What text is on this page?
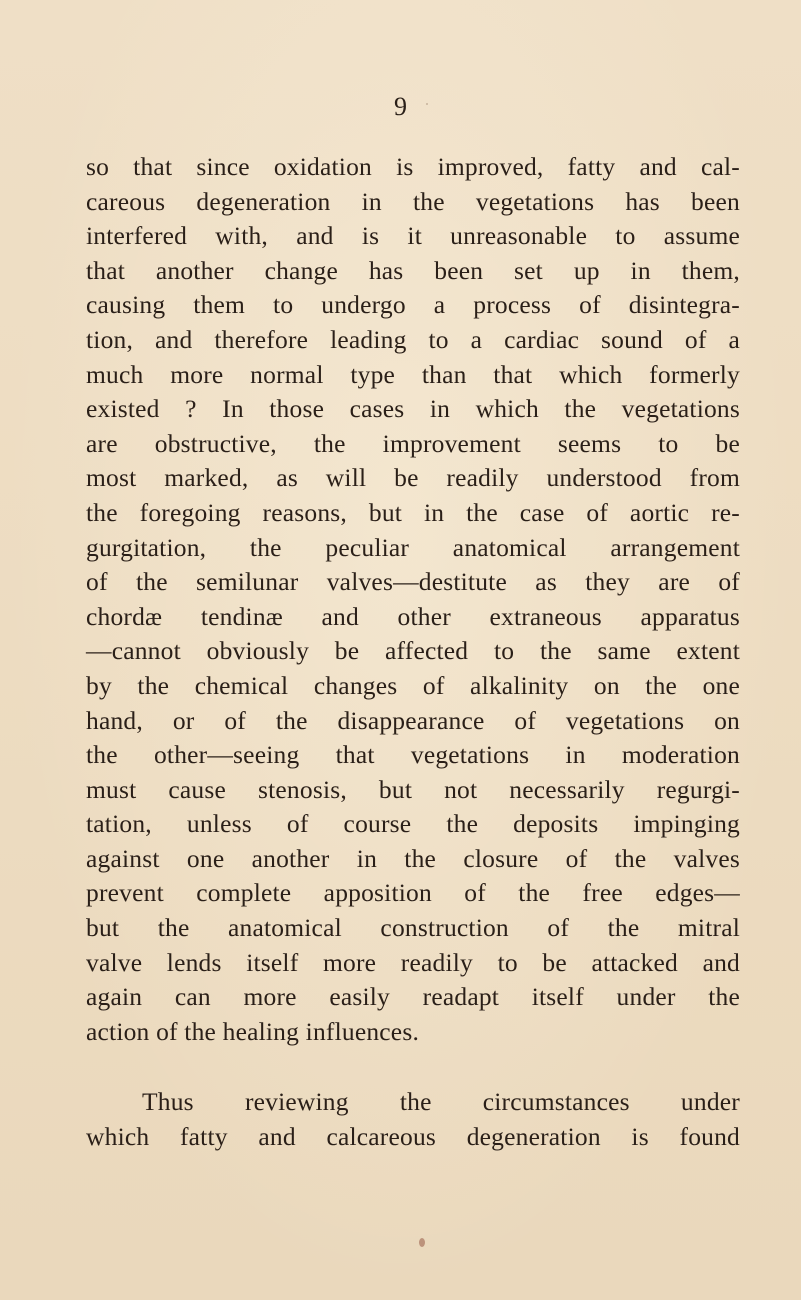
9
so that since oxidation is improved, fatty and cal-
careous degeneration in the vegetations has been
interfered with, and is it unreasonable to assume
that another change has been set up in them,
causing them to undergo a process of disintegra-
tion, and therefore leading to a cardiac sound of a
much more normal type than that which formerly
existed ? In those cases in which the vegetations
are obstructive, the improvement seems to be
most marked, as will be readily understood from
the foregoing reasons, but in the case of aortic re-
gurgitation, the peculiar anatomical arrangement
of the semilunar valves—destitute as they are of
chordæ tendinæ and other extraneous apparatus
—cannot obviously be affected to the same extent
by the chemical changes of alkalinity on the one
hand, or of the disappearance of vegetations on
the other—seeing that vegetations in moderation
must cause stenosis, but not necessarily regurgi-
tation, unless of course the deposits impinging
against one another in the closure of the valves
prevent complete apposition of the free edges—
but the anatomical construction of the mitral
valve lends itself more readily to be attacked and
again can more easily readapt itself under the
action of the healing influences.
Thus reviewing the circumstances under
which fatty and calcareous degeneration is found
